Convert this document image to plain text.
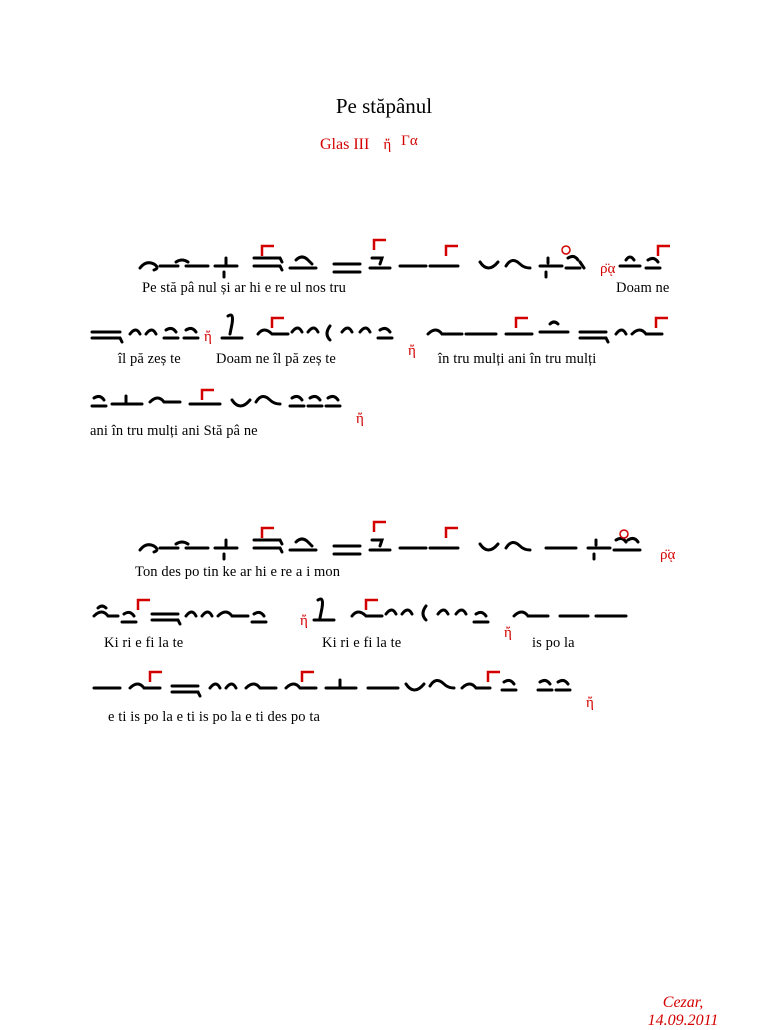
Pe stăpânul
Glas III ἤ Γα
Pe stă pâ nul și ar hi e re ul nos tru
ρ̈ᾳ
Doam ne
îl pă zeș te
ἤ
Doam ne îl pă zeș te	ἤ în tru mulți ani în tru mulți
ani în tru mulți ani Stă pâ ne
ἤ
Ton des po tin ke ar hi e re a i mon
ρ̈ᾳ
Ki ri e fi la te
ἤ
Ki ri e fi la te
ἤ
is po la
e ti is po la e ti is po la e ti des po ta
ἤ
Cezar,
14.09.2011
